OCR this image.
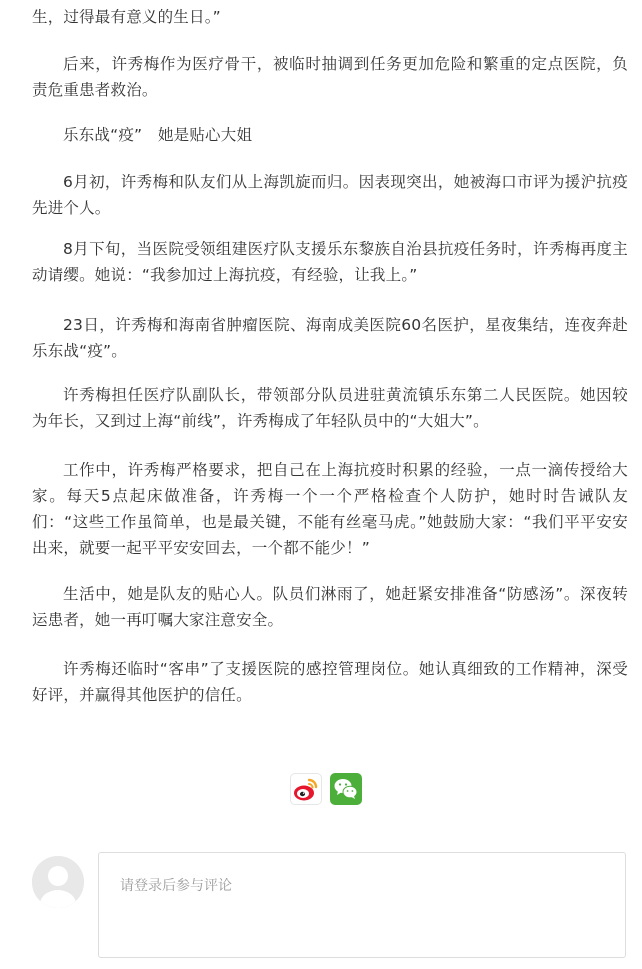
生，过得最有意义的生日。”

后来，许秀梅作为医疗骨干，被临时抽调到任务更加危险和繁重的定点医院，负责危重患者救治。

乐东战“疫”　她是贴心大姐

6月初，许秀梅和队友们从上海凯旋而归。因表现突出，她被海口市评为援沪抗疫先进个人。

8月下旬，当医院受领组建医疗队支援乐东黎族自治县抗疫任务时，许秀梅再度主动请缨。她说：“我参加过上海抗疫，有经验，让我上。”

23日，许秀梅和海南省肿瘤医院、海南成美医院60名医护，星夜集结，连夜奔赴乐东战“疫”。

许秀梅担任医疗队副队长，带领部分队员进驻黄流镇乐东第二人民医院。她因较为年长，又到过上海“前线”，许秀梅成了年轻队员中的“大姐大”。

工作中，许秀梅严格要求，把自己在上海抗疫时积累的经验，一点一滴传授给大家。每天5点起床做准备，许秀梅一个一个严格检查个人防护，她时时告诫队友们：“这些工作虽简单，也是最关键，不能有丝毫马虎。”她鼓励大家：“我们平平安安出来，就要一起平平安安回去，一个都不能少！”

生活中，她是队友的贴心人。队员们淋雨了，她赶紧安排准备“防感汤”。深夜转运患者，她一再叮嘱大家注意安全。

许秀梅还临时“客串”了支援医院的感控管理岗位。她认真细致的工作精神，深受好评，并赢得其他医护的信任。

请登录后参与评论
